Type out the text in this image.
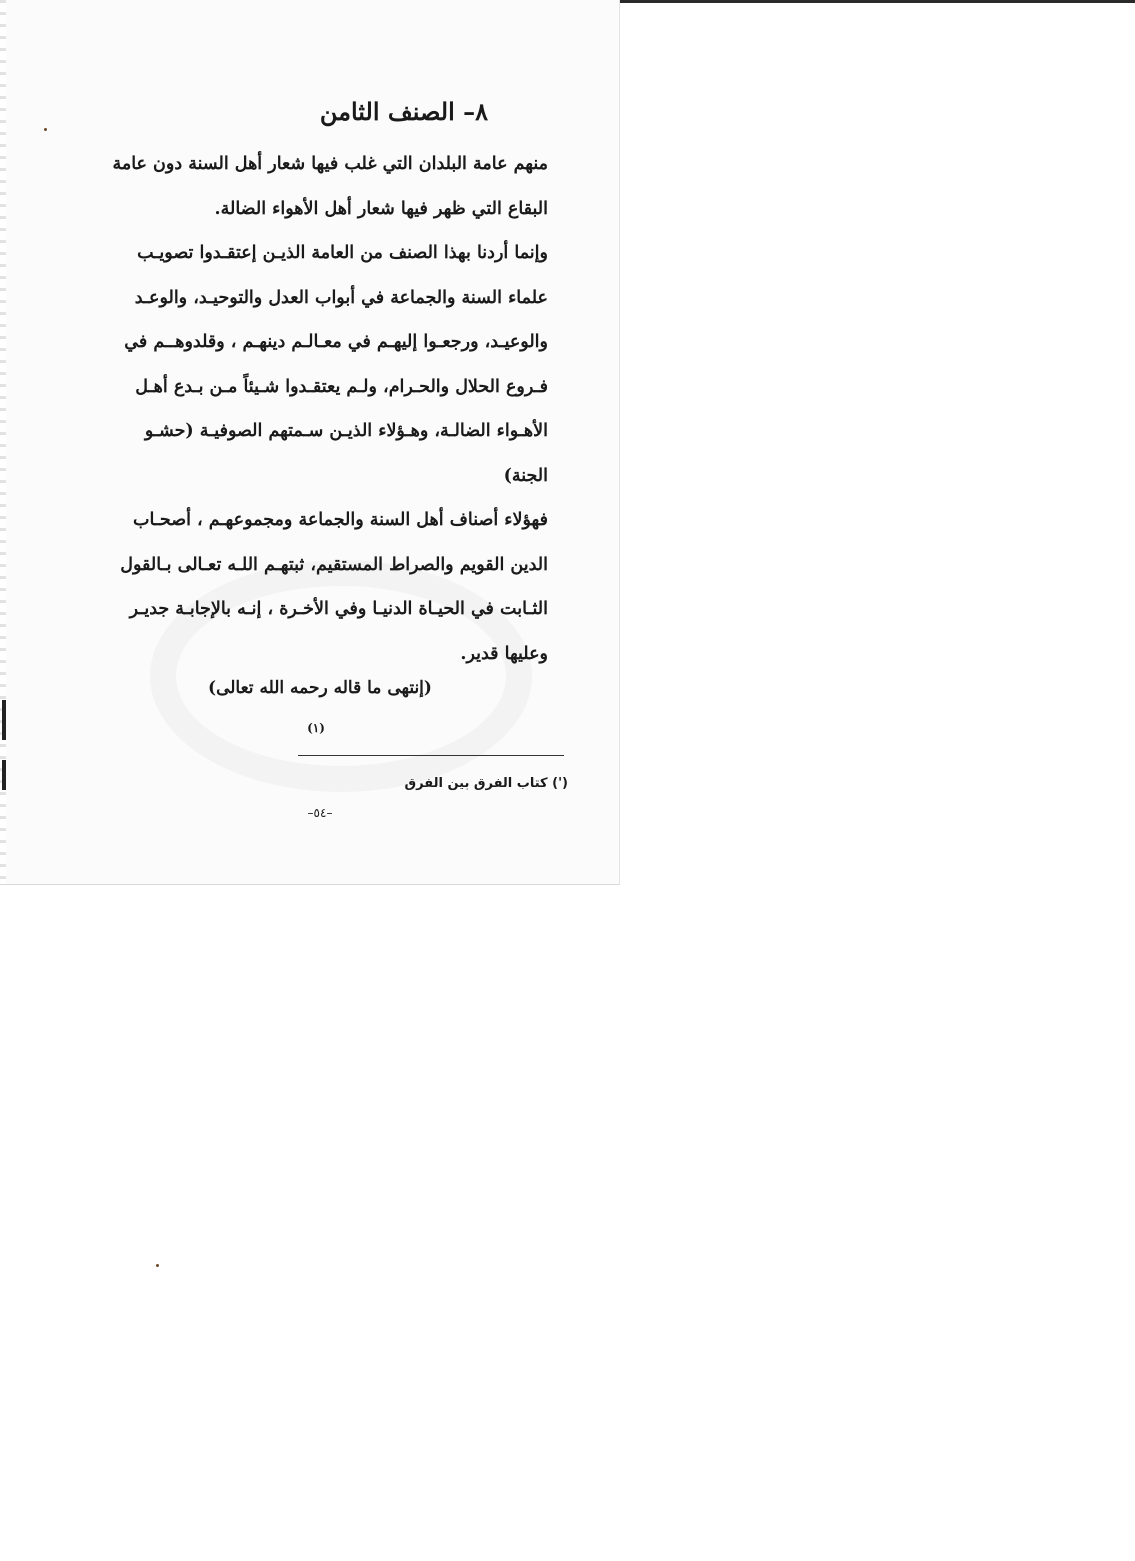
٨– الصنف الثامن

منهم عامة البلدان التي غلب فيها شعار أهل السنة دون عامة

البقاع التي ظهر فيها شعار أهل الأهواء الضالة.

وإنما أردنا بهذا الصنف من العامة الذيـن إعتقـدوا تصويـب

علماء السنة والجماعة في أبواب العدل والتوحيـد، والوعـد

والوعيـد، ورجعـوا إليهـم في معـالـم دينهـم ، وقلدوهــم في

فـروع الحلال والحـرام، ولـم يعتقـدوا شـيئاً مـن بـدع أهـل

الأهـواء الضالـة، وهـؤلاء الذيـن سـمتهم الصوفيـة (حشـو

الجنة)

فهؤلاء أصناف أهل السنة والجماعة ومجموعهـم ، أصحـاب

الدين القويم والصراط المستقيم، ثبتهـم اللـه تعـالى بـالقول

الثـابت في الحيـاة الدنيـا وفي الأخـرة ، إنـه بالإجابـة جديـر

وعليها قدير.

(إنتهى ما قاله رحمه الله تعالى) $^{(١)}$
(') كتاب الفرق بين الفرق
–٥٤–
